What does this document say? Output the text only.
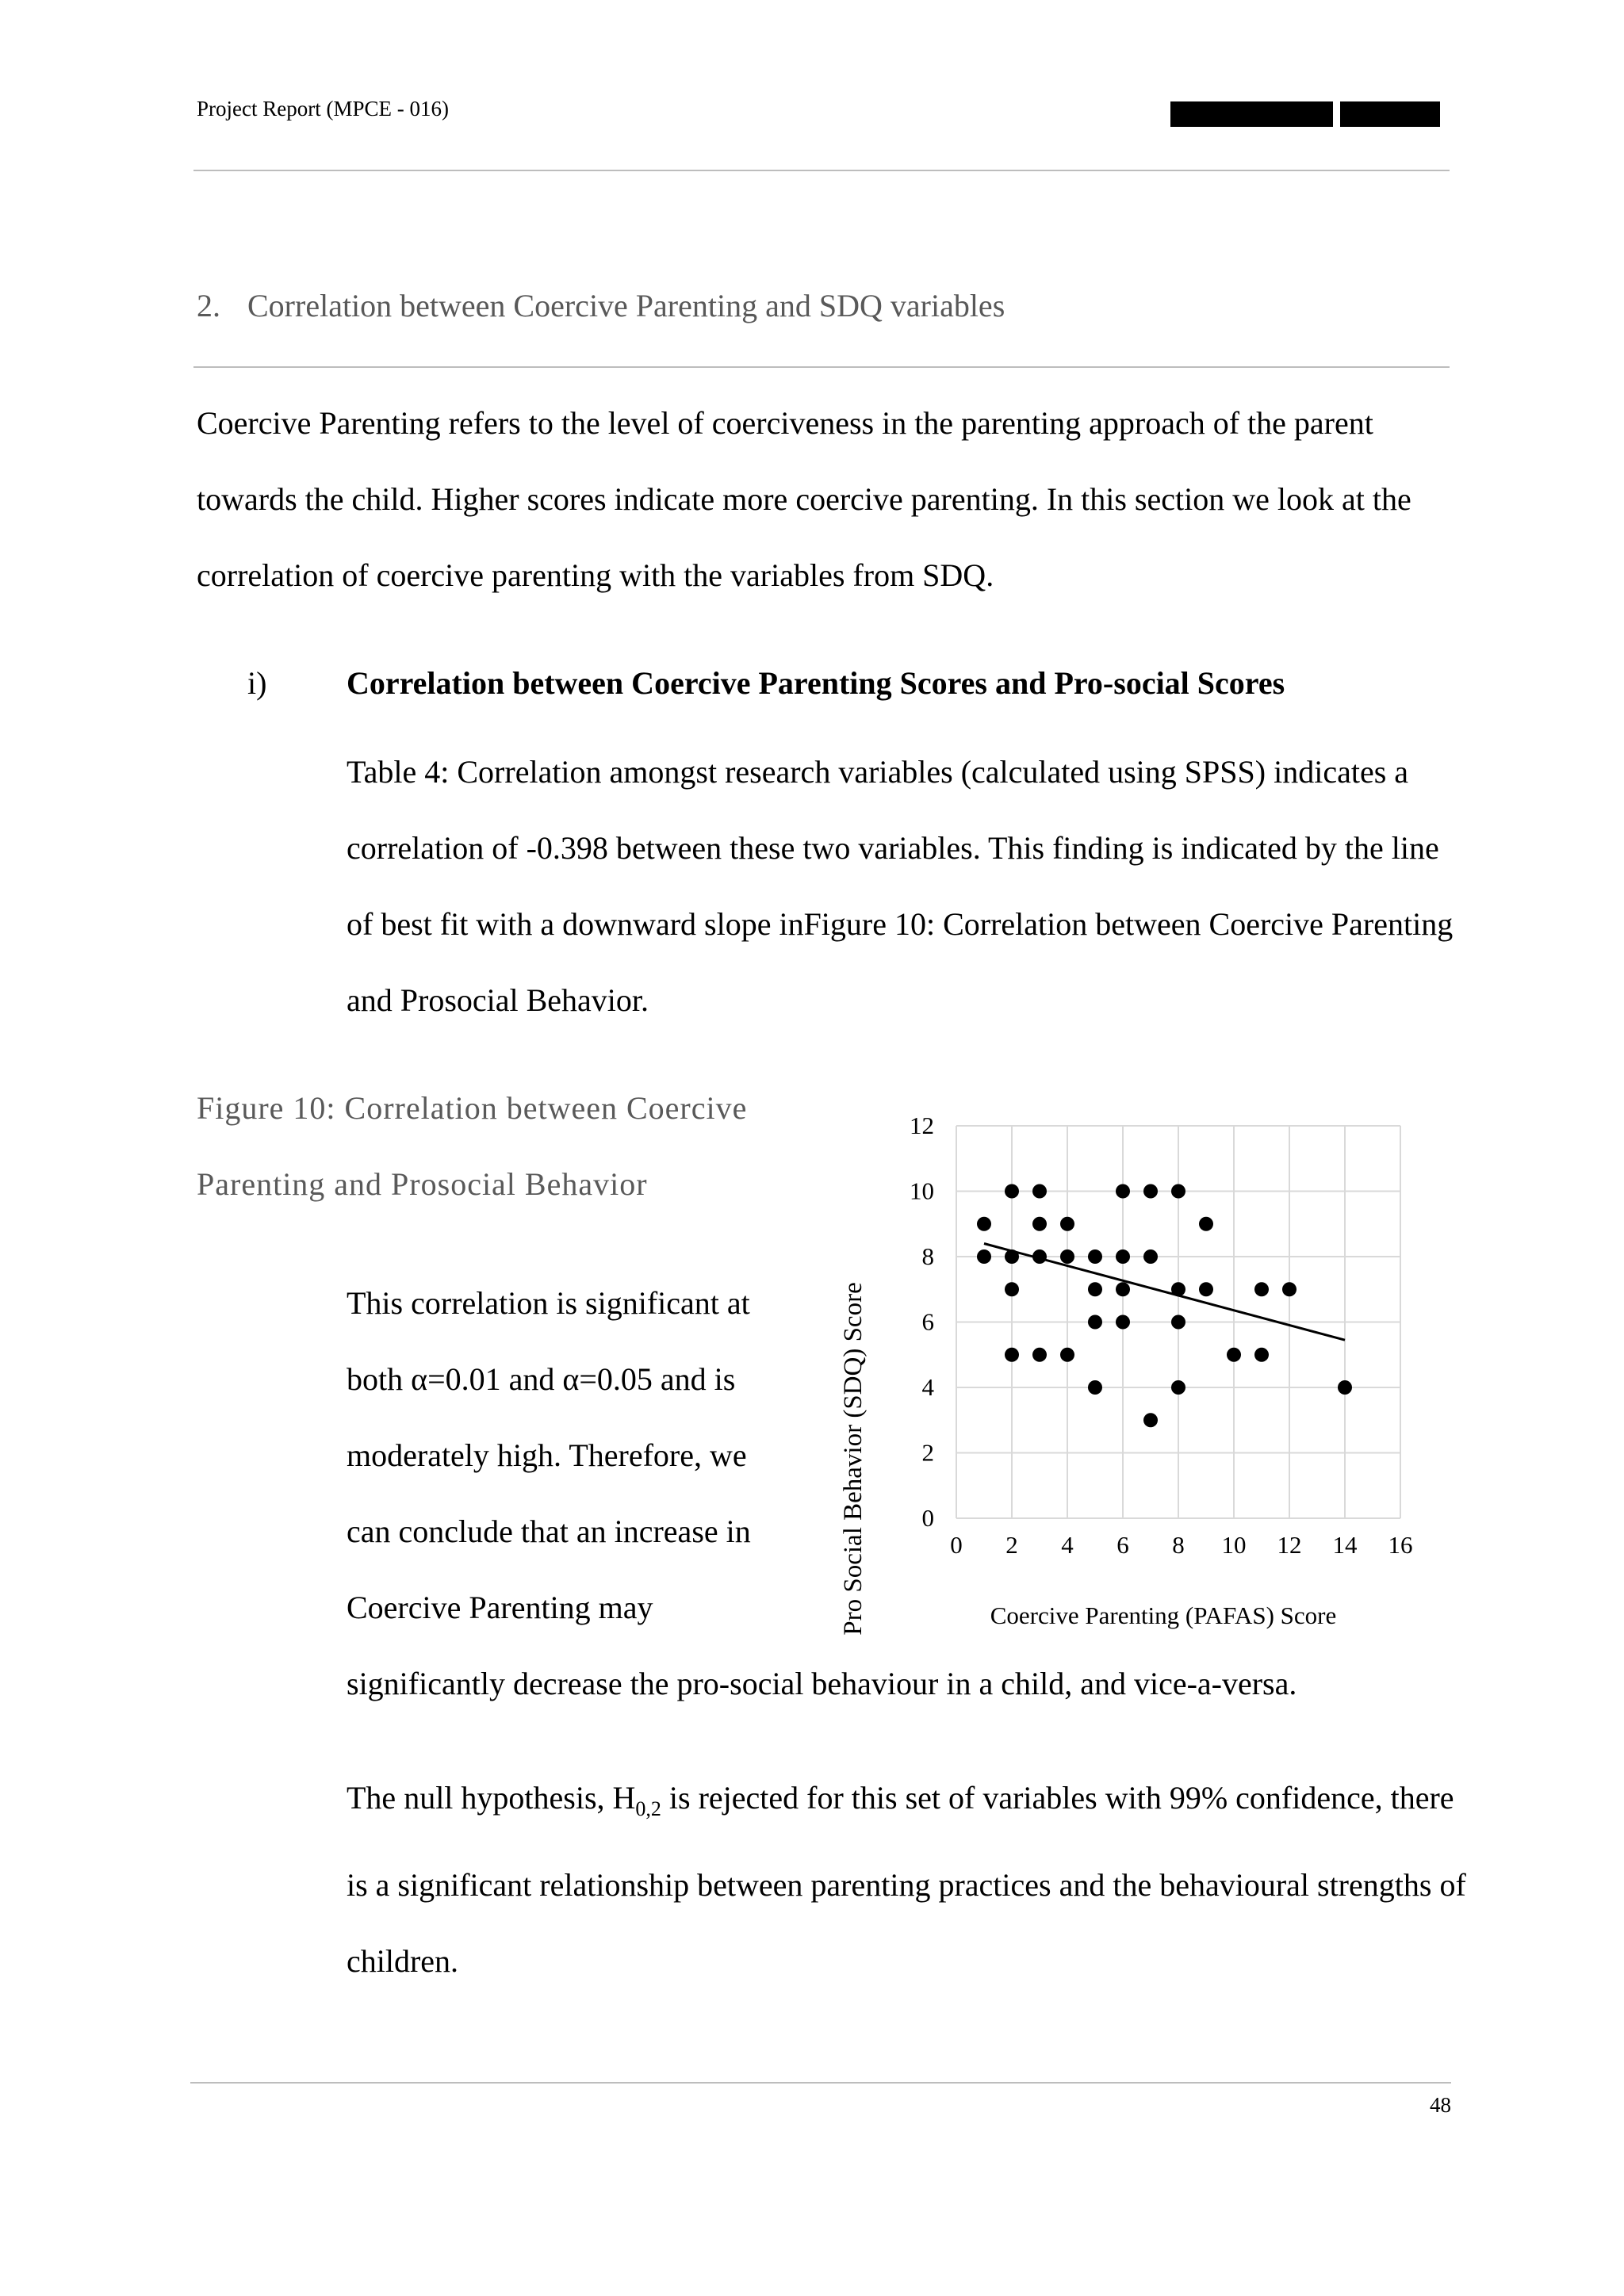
Project Report (MPCE - 016)
2. Correlation between Coercive Parenting and SDQ variables
Coercive Parenting refers to the level of coerciveness in the parenting approach of the parent towards the child. Higher scores indicate more coercive parenting. In this section we look at the correlation of coercive parenting with the variables from SDQ.
i)	Correlation between Coercive Parenting Scores and Pro-social Scores
Table 4: Correlation amongst research variables (calculated using SPSS) indicates a correlation of -0.398 between these two variables. This finding is indicated by the line of best fit with a downward slope inFigure 10: Correlation between Coercive Parenting and Prosocial Behavior.
Figure 10: Correlation between Coercive Parenting and Prosocial Behavior
This correlation is significant at both α=0.01 and α=0.05 and is moderately high. Therefore, we can conclude that an increase in Coercive Parenting may
0 2 4 6 8 10 12 14 16
0
2
4
6
8
10
12
Coercive Parenting (PAFAS) Score
Pro Social Behavior (SDQ) Score
significantly decrease the pro-social behaviour in a child, and vice-a-versa.
The null hypothesis, $H_{0,2}$ is rejected for this set of variables with 99% confidence, there is a significant relationship between parenting practices and the behavioural strengths of children.
48
